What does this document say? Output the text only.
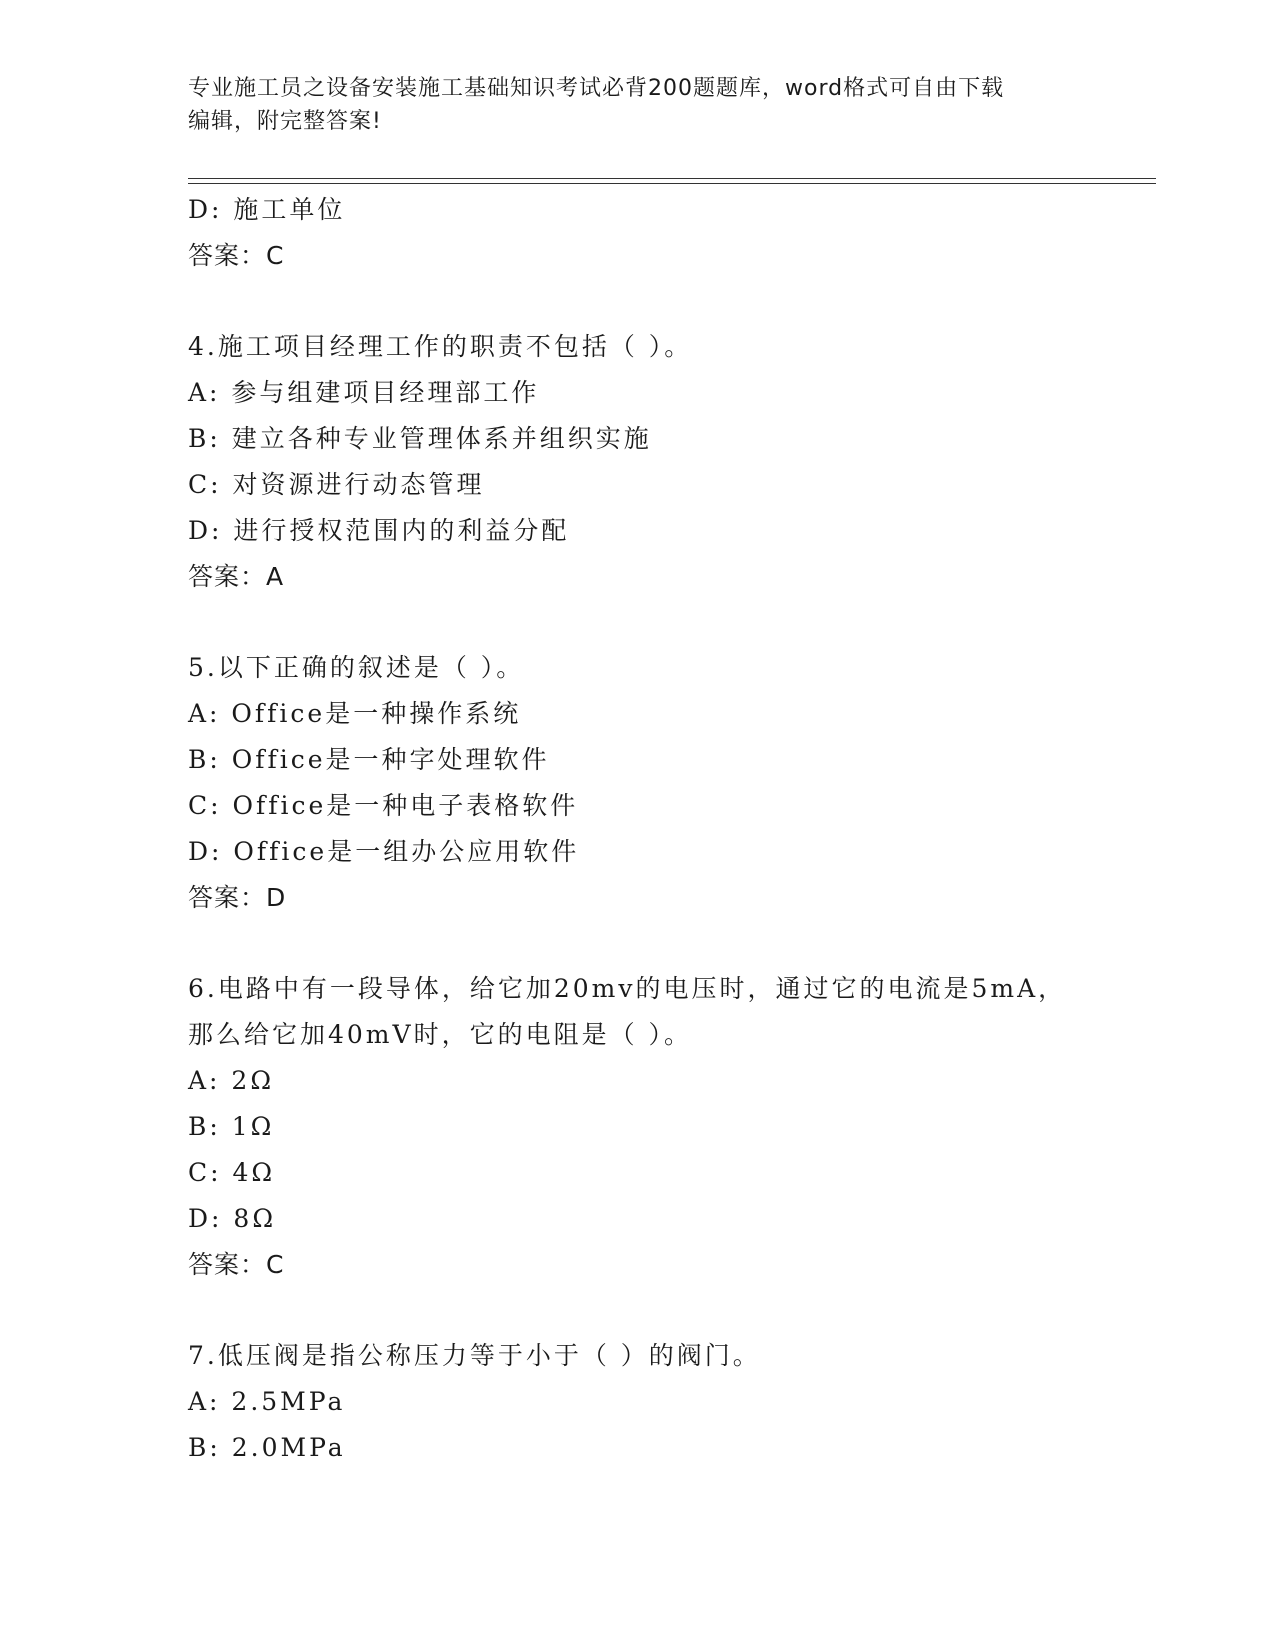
专业施工员之设备安装施工基础知识考试必背200题题库，word格式可自由下载
编辑，附完整答案!
D: 施工单位
答案：C
4.施工项目经理工作的职责不包括（ ）。
A: 参与组建项目经理部工作
B: 建立各种专业管理体系并组织实施
C: 对资源进行动态管理
D: 进行授权范围内的利益分配
答案：A
5.以下正确的叙述是（ ）。
A: Office是一种操作系统
B: Office是一种字处理软件
C: Office是一种电子表格软件
D: Office是一组办公应用软件
答案：D
6.电路中有一段导体，给它加20mv的电压时，通过它的电流是5mA，
那么给它加40mV时，它的电阻是（ ）。
A: 2Ω
B: 1Ω
C: 4Ω
D: 8Ω
答案：C
7.低压阀是指公称压力等于小于（ ）的阀门。
A: 2.5MPa
B: 2.0MPa
